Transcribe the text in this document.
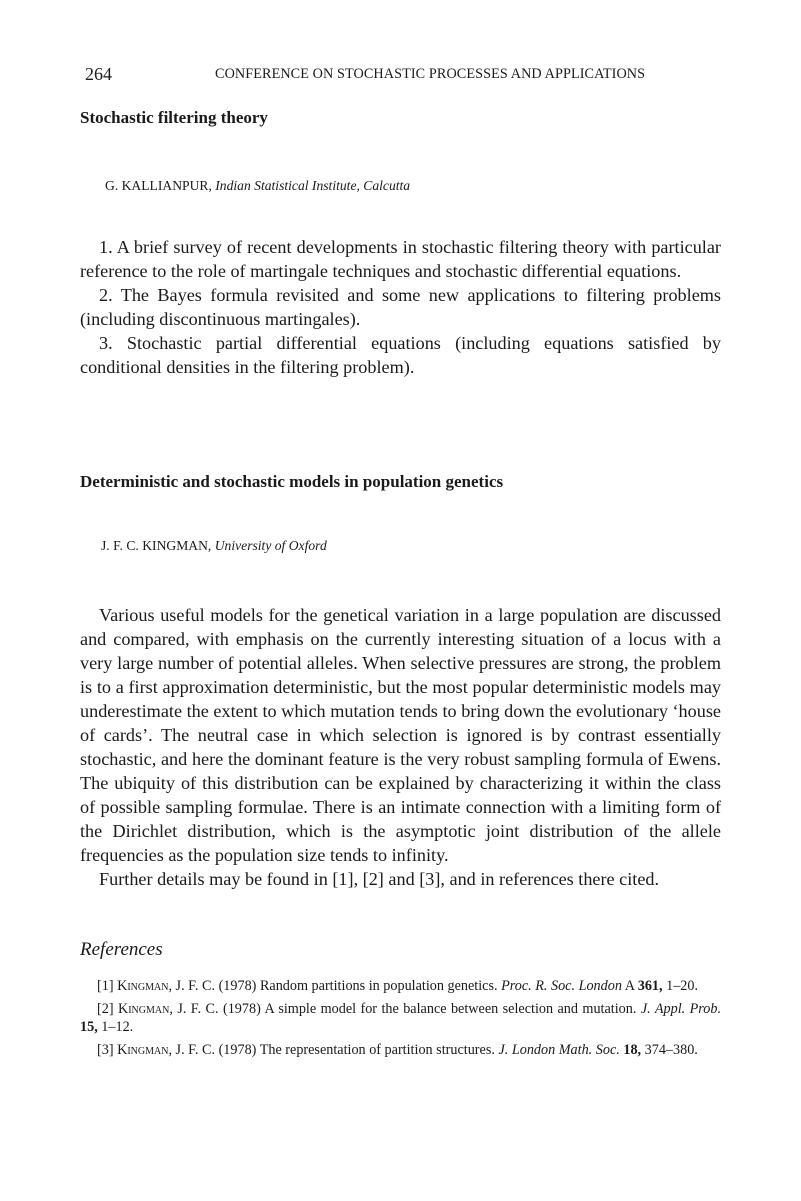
264	CONFERENCE ON STOCHASTIC PROCESSES AND APPLICATIONS
Stochastic filtering theory
G. KALLIANPUR, Indian Statistical Institute, Calcutta

1. A brief survey of recent developments in stochastic filtering theory with particular reference to the role of martingale techniques and stochastic differential equations.

2. The Bayes formula revisited and some new applications to filtering problems (including discontinuous martingales).

3. Stochastic partial differential equations (including equations satisfied by conditional densities in the filtering problem).

Deterministic and stochastic models in population genetics
J. F. C. KINGMAN, University of Oxford

Various useful models for the genetical variation in a large population are discussed and compared, with emphasis on the currently interesting situation of a locus with a very large number of potential alleles. When selective pressures are strong, the problem is to a first approximation deterministic, but the most popular deterministic models may underestimate the extent to which mutation tends to bring down the evolutionary ‘house of cards’. The neutral case in which selection is ignored is by contrast essentially stochastic, and here the dominant feature is the very robust sampling formula of Ewens. The ubiquity of this distribution can be explained by characterizing it within the class of possible sampling formulae. There is an intimate connection with a limiting form of the Dirichlet distribution, which is the asymptotic joint distribution of the allele frequencies as the population size tends to infinity.

Further details may be found in [1], [2] and [3], and in references there cited.

References

[1] Kingman, J. F. C. (1978) Random partitions in population genetics. Proc. R. Soc. London A 361, 1–20.

[2] Kingman, J. F. C. (1978) A simple model for the balance between selection and mutation. J. Appl. Prob. 15, 1–12.

[3] Kingman, J. F. C. (1978) The representation of partition structures. J. London Math. Soc. 18, 374–380.
